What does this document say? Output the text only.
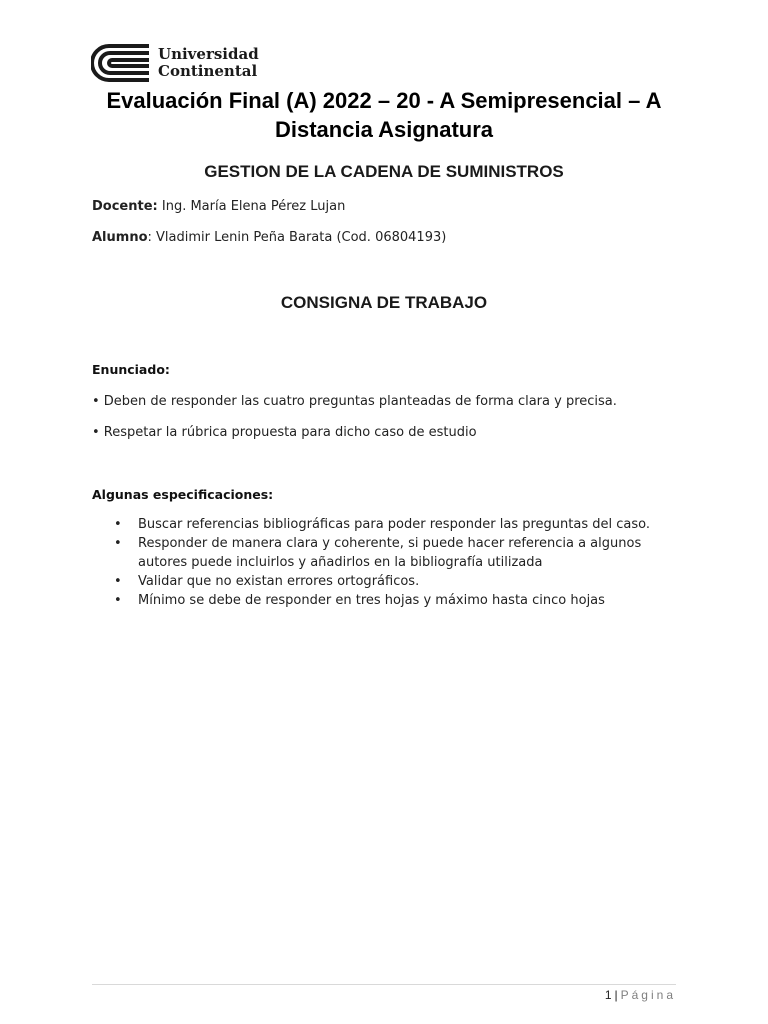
Universidad
Continental
Evaluación Final (A) 2022 – 20 - A Semipresencial – A
Distancia Asignatura
GESTION DE LA CADENA DE SUMINISTROS
Docente: Ing. María Elena Pérez Lujan
Alumno: Vladimir Lenin Peña Barata (Cod. 06804193)
CONSIGNA DE TRABAJO
Enunciado:
• Deben de responder las cuatro preguntas planteadas de forma clara y precisa.
• Respetar la rúbrica propuesta para dicho caso de estudio
Algunas especificaciones:
• Buscar referencias bibliográficas para poder responder las preguntas del caso.
• Responder de manera clara y coherente, si puede hacer referencia a algunos autores puede incluirlos y añadirlos en la bibliografía utilizada
• Validar que no existan errores ortográficos.
• Mínimo se debe de responder en tres hojas y máximo hasta cinco hojas
1 | Página
